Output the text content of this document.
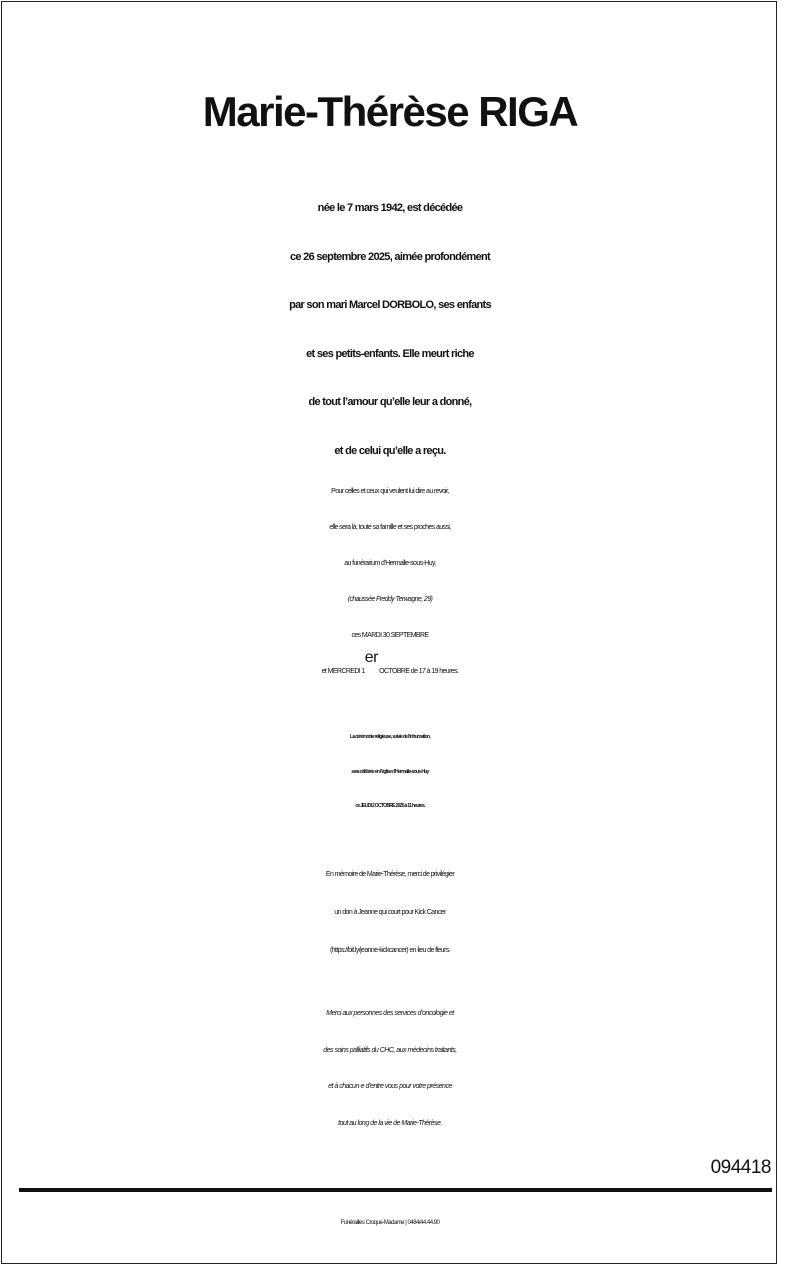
Marie-Thérèse RIGA
née le 7 mars 1942, est décédée
ce 26 septembre 2025, aimée profondément
par son mari Marcel DORBOLO, ses enfants
et ses petits-enfants. Elle meurt riche
de tout l’amour qu’elle leur a donné,
et de celui qu’elle a reçu.
Pour celles et ceux qui veulent lui dire au revoir,
elle sera là, toute sa famille et ses proches aussi,
au funérarium d’Hermalle-sous-Huy,
(chaussée Freddy Terwagne, 29)
ces MARDI 30 SEPTEMBRE
et MERCREDI 1er OCTOBRE de 17 à 19 heures.
La cérémonie religieuse, suivie de l’inhumation,
sera célébrée en l’église d’Hermalle-sous-Huy
ce JEUDI 2 OCTOBRE 2025 à 11 heures.
En mémoire de Marie-Thérèse, merci de privilégier
un don à Jeanne qui court pour Kick Cancer
(https://bit.ly/jeanne-kickcancer) en lieu de fleurs.
Merci aux personnes des services d’oncologie et
des soins palliatifs du CHC, aux médecins traitants,
et à chacun·e d’entre vous pour votre présence
tout au long de la vie de Marie-Thérèse.
094418
Funérailles Croque-Madame | 0484/44.44.90
